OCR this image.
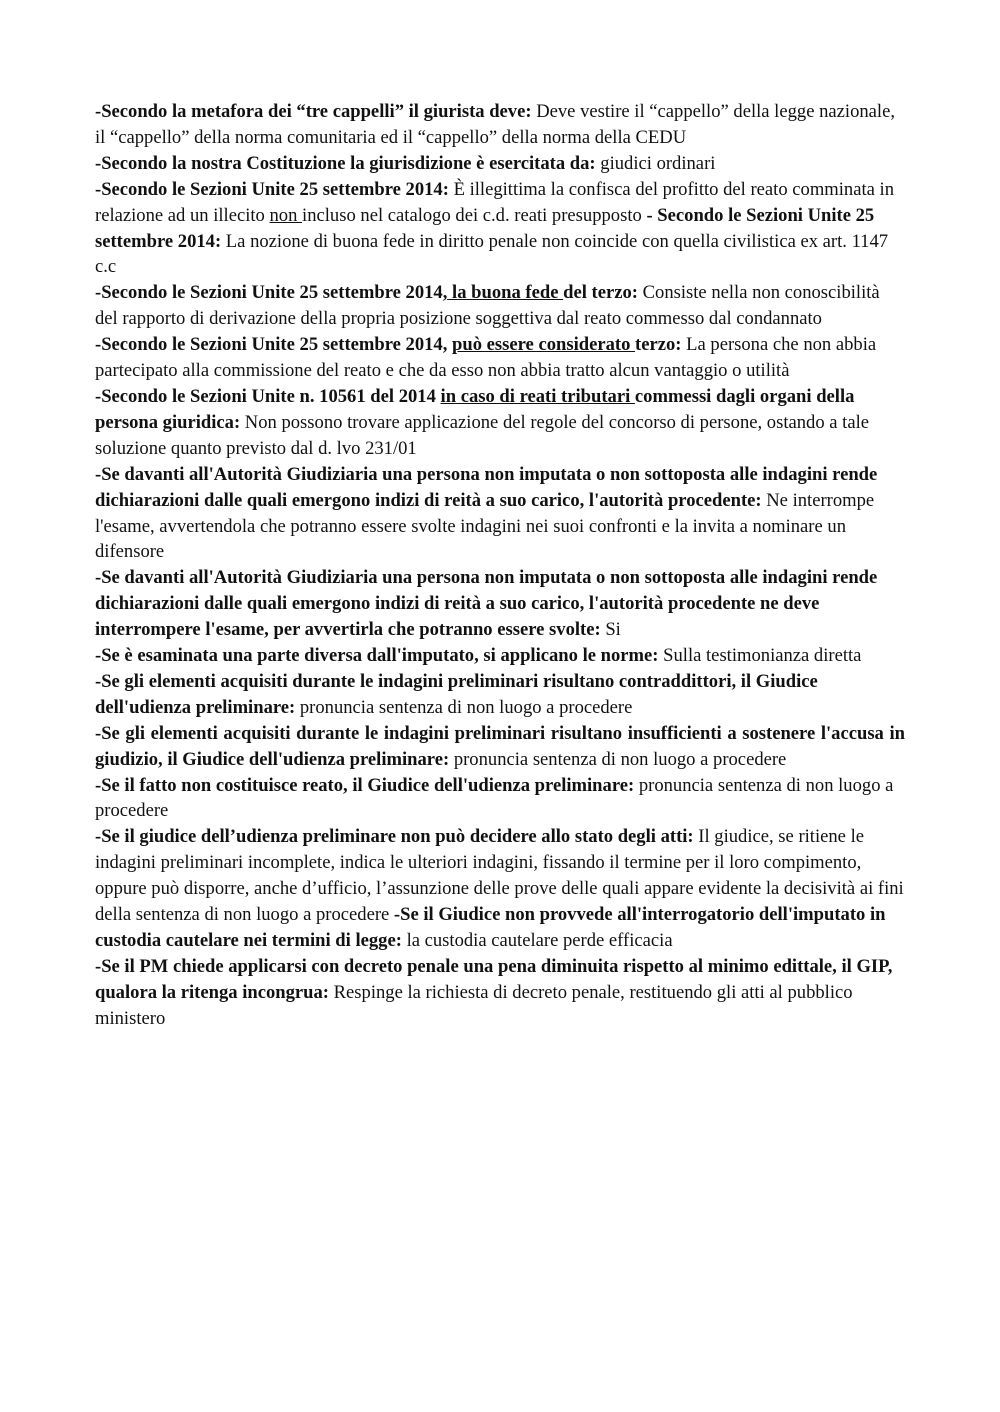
-Secondo la metafora dei “tre cappelli” il giurista deve: Deve vestire il “cappello” della legge nazionale, il “cappello” della norma comunitaria ed il “cappello” della norma della CEDU

-Secondo la nostra Costituzione la giurisdizione è esercitata da: giudici ordinari

-Secondo le Sezioni Unite 25 settembre 2014: È illegittima la confisca del profitto del reato comminata in relazione ad un illecito non incluso nel catalogo dei c.d. reati presupposto - Secondo le Sezioni Unite 25 settembre 2014: La nozione di buona fede in diritto penale non coincide con quella civilistica ex art. 1147 c.c

-Secondo le Sezioni Unite 25 settembre 2014, la buona fede del terzo: Consiste nella non conoscibilità del rapporto di derivazione della propria posizione soggettiva dal reato commesso dal condannato

-Secondo le Sezioni Unite 25 settembre 2014, può essere considerato terzo: La persona che non abbia partecipato alla commissione del reato e che da esso non abbia tratto alcun vantaggio o utilità

-Secondo le Sezioni Unite n. 10561 del 2014 in caso di reati tributari commessi dagli organi della persona giuridica: Non possono trovare applicazione del regole del concorso di persone, ostando a tale soluzione quanto previsto dal d. lvo 231/01

-Se davanti all'Autorità Giudiziaria una persona non imputata o non sottoposta alle indagini rende dichiarazioni dalle quali emergono indizi di reità a suo carico, l'autorità procedente: Ne interrompe l'esame, avvertendola che potranno essere svolte indagini nei suoi confronti e la invita a nominare un difensore

-Se davanti all'Autorità Giudiziaria una persona non imputata o non sottoposta alle indagini rende dichiarazioni dalle quali emergono indizi di reità a suo carico, l'autorità procedente ne deve interrompere l'esame, per avvertirla che potranno essere svolte: Si

-Se è esaminata una parte diversa dall'imputato, si applicano le norme: Sulla testimonianza diretta

-Se gli elementi acquisiti durante le indagini preliminari risultano contraddittori, il Giudice dell'udienza preliminare: pronuncia sentenza di non luogo a procedere

-Se gli elementi acquisiti durante le indagini preliminari risultano insufficienti a sostenere l'accusa in giudizio, il Giudice dell'udienza preliminare: pronuncia sentenza di non luogo a procedere

-Se il fatto non costituisce reato, il Giudice dell'udienza preliminare: pronuncia sentenza di non luogo a procedere

-Se il giudice dell’udienza preliminare non può decidere allo stato degli atti: Il giudice, se ritiene le indagini preliminari incomplete, indica le ulteriori indagini, fissando il termine per il loro compimento, oppure può disporre, anche d’ufficio, l’assunzione delle prove delle quali appare evidente la decisività ai fini della sentenza di non luogo a procedere -Se il Giudice non provvede all'interrogatorio dell'imputato in custodia cautelare nei termini di legge: la custodia cautelare perde efficacia

-Se il PM chiede applicarsi con decreto penale una pena diminuita rispetto al minimo edittale, il GIP, qualora la ritenga incongrua: Respinge la richiesta di decreto penale, restituendo gli atti al pubblico ministero
